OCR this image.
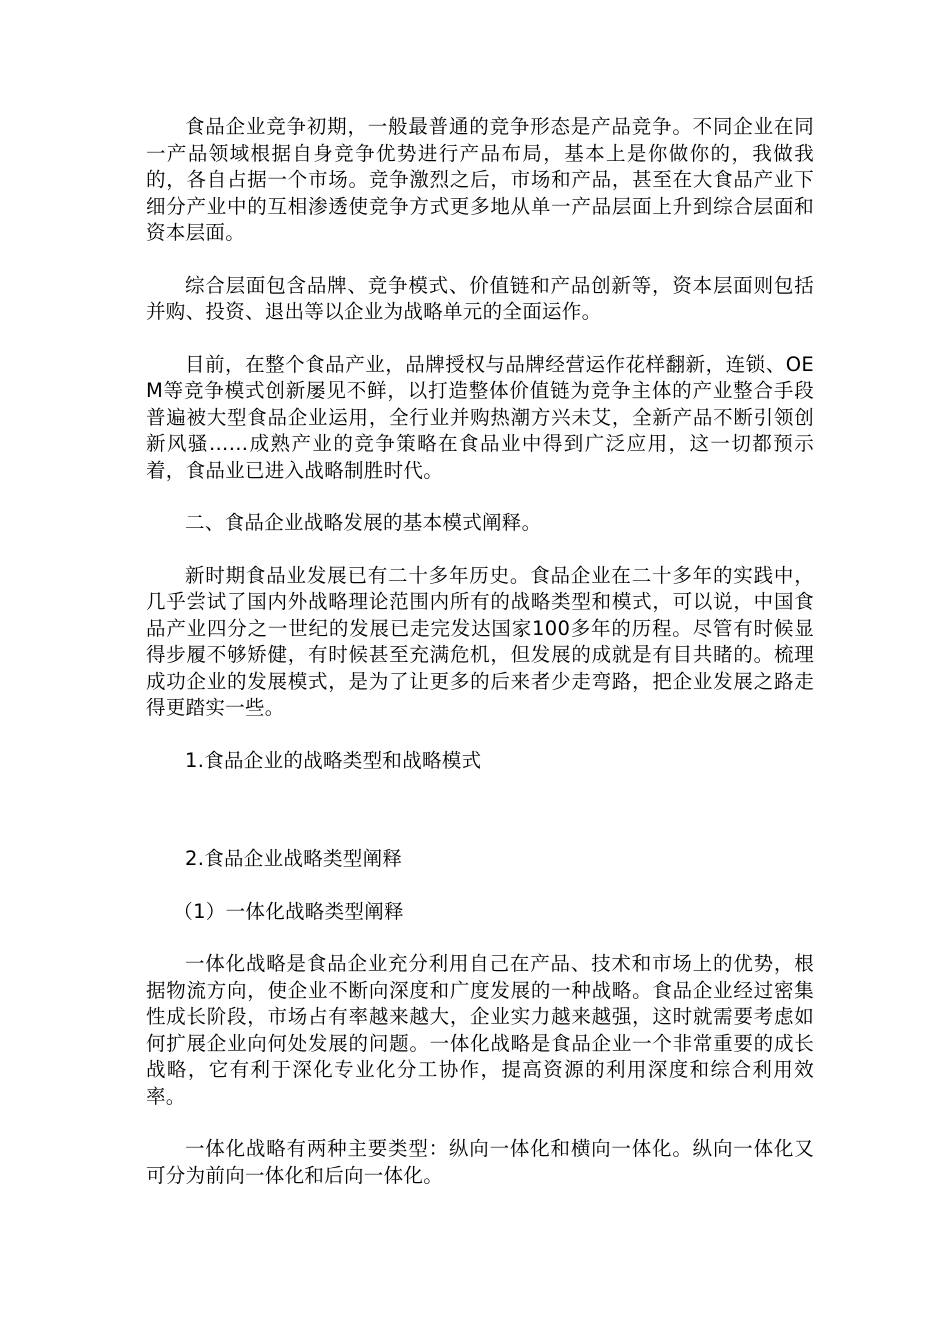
食品企业竞争初期，一般最普通的竞争形态是产品竞争。不同企业在同一产品领域根据自身竞争优势进行产品布局，基本上是你做你的，我做我的，各自占据一个市场。竞争激烈之后，市场和产品，甚至在大食品产业下细分产业中的互相渗透使竞争方式更多地从单一产品层面上升到综合层面和资本层面。

综合层面包含品牌、竞争模式、价值链和产品创新等，资本层面则包括并购、投资、退出等以企业为战略单元的全面运作。

目前，在整个食品产业，品牌授权与品牌经营运作花样翻新，连锁、OEM等竞争模式创新屡见不鲜，以打造整体价值链为竞争主体的产业整合手段普遍被大型食品企业运用，全行业并购热潮方兴未艾，全新产品不断引领创新风骚……成熟产业的竞争策略在食品业中得到广泛应用，这一切都预示着，食品业已进入战略制胜时代。

二、食品企业战略发展的基本模式阐释。

新时期食品业发展已有二十多年历史。食品企业在二十多年的实践中，几乎尝试了国内外战略理论范围内所有的战略类型和模式，可以说，中国食品产业四分之一世纪的发展已走完发达国家100多年的历程。尽管有时候显得步履不够矫健，有时候甚至充满危机，但发展的成就是有目共睹的。梳理成功企业的发展模式，是为了让更多的后来者少走弯路，把企业发展之路走得更踏实一些。

1.食品企业的战略类型和战略模式

2.食品企业战略类型阐释

（1）一体化战略类型阐释

一体化战略是食品企业充分利用自己在产品、技术和市场上的优势，根据物流方向，使企业不断向深度和广度发展的一种战略。食品企业经过密集性成长阶段，市场占有率越来越大，企业实力越来越强，这时就需要考虑如何扩展企业向何处发展的问题。一体化战略是食品企业一个非常重要的成长战略，它有利于深化专业化分工协作，提高资源的利用深度和综合利用效率。

一体化战略有两种主要类型：纵向一体化和横向一体化。纵向一体化又可分为前向一体化和后向一体化。
